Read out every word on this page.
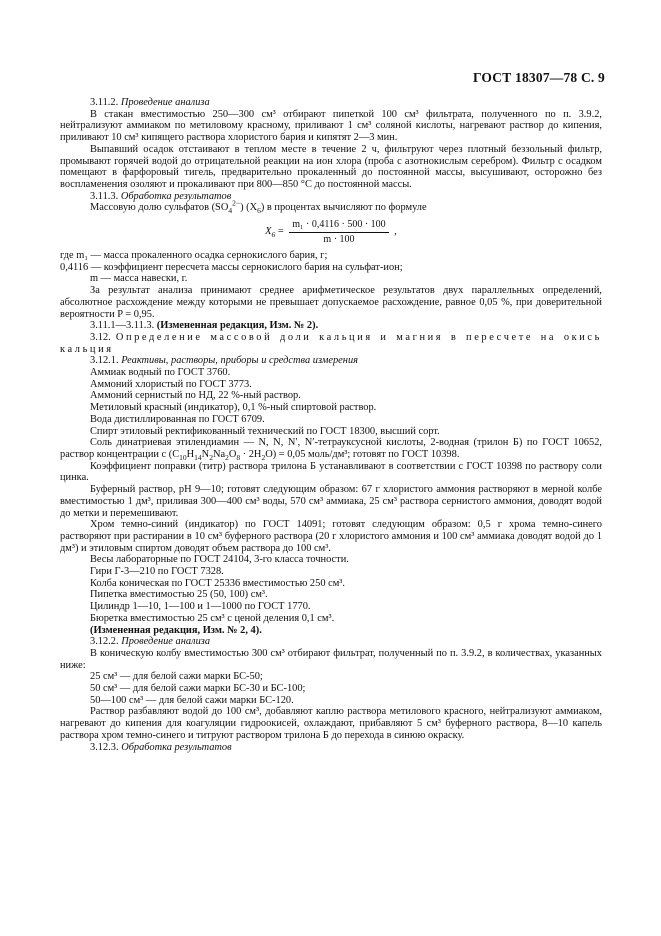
ГОСТ 18307—78 С. 9

3.11.2. Проведение анализа

В стакан вместимостью 250—300 см³ отбирают пипеткой 100 см³ фильтрата, полученного по п. 3.9.2, нейтрализуют аммиаком по метиловому красному, приливают 1 см³ соляной кислоты, нагревают раствор до кипения, приливают 10 см³ кипящего раствора хлористого бария и кипятят 2—3 мин.

Выпавший осадок отстаивают в теплом месте в течение 2 ч, фильтруют через плотный беззольный фильтр, промывают горячей водой до отрицательной реакции на ион хлора (проба с азотнокислым серебром). Фильтр с осадком помещают в фарфоровый тигель, предварительно прокаленный до постоянной массы, высушивают, осторожно без воспламенения озоляют и прокаливают при 800—850 °С до постоянной массы.

3.11.3. Обработка результатов

Массовую долю сульфатов $(SO_4^{2-})$ $(X_6)$ в процентах вычисляют по формуле

$X_6 = \frac{\text{m₁ · 0,4116 · 500 · 100}}{m \cdot 100}$ ,

где m₁ — масса прокаленного осадка сернокислого бария, г;

0,4116 — коэффициент пересчета массы сернокислого бария на сульфат-ион;

m — масса навески, г.

За результат анализа принимают среднее арифметическое результатов двух параллельных определений, абсолютное расхождение между которыми не превышает допускаемое расхождение, равное 0,05 %, при доверительной вероятности P = 0,95.

3.11.1—3.11.3. (Измененная редакция, Изм. № 2).

3.12. Определение массовой доли кальция и магния в пересчете на окись кальция

3.12.1. Реактивы, растворы, приборы и средства измерения

Аммиак водный по ГОСТ 3760.

Аммоний хлористый по ГОСТ 3773.

Аммоний сернистый по НД, 22 %-ный раствор.

Метиловый красный (индикатор), 0,1 %-ный спиртовой раствор.

Вода дистиллированная по ГОСТ 6709.

Спирт этиловый ректификованный технический по ГОСТ 18300, высший сорт.

Соль динатриевая этилендиамин — N, N, N′, N′-тетрауксусной кислоты, 2-водная (трилон Б) по ГОСТ 10652, раствор концентрации c $(C_{10}H_{14}N_2Na_2O_8 \cdot 2H_2O) = 0,05$ моль/дм³; готовят по ГОСТ 10398.

Коэффициент поправки (титр) раствора трилона Б устанавливают в соответствии с ГОСТ 10398 по раствору соли цинка.

Буферный раствор, pH 9—10; готовят следующим образом: 67 г хлористого аммония растворяют в мерной колбе вместимостью 1 дм³, приливая 300—400 см³ воды, 570 см³ аммиака, 25 см³ раствора сернистого аммония, доводят водой до метки и перемешивают.

Хром темно-синий (индикатор) по ГОСТ 14091; готовят следующим образом: 0,5 г хрома темно-синего растворяют при растирании в 10 см³ буферного раствора (20 г хлористого аммония и 100 см³ аммиака доводят водой до 1 дм³) и этиловым спиртом доводят объем раствора до 100 см³.

Весы лабораторные по ГОСТ 24104, 3-го класса точности.

Гири Г-3—210 по ГОСТ 7328.

Колба коническая по ГОСТ 25336 вместимостью 250 см³.

Пипетка вместимостью 25 (50, 100) см³.

Цилиндр 1—10, 1—100 и 1—1000 по ГОСТ 1770.

Бюретка вместимостью 25 см³ с ценой деления 0,1 см³.

(Измененная редакция, Изм. № 2, 4).

3.12.2. Проведение анализа

В коническую колбу вместимостью 300 см³ отбирают фильтрат, полученный по п. 3.9.2, в количествах, указанных ниже:

25 см³ — для белой сажи марки БС-50;

50 см³ — для белой сажи марки БС-30 и БС-100;

50—100 см³ — для белой сажи марки БС-120.

Раствор разбавляют водой до 100 см³, добавляют каплю раствора метилового красного, нейтрализуют аммиаком, нагревают до кипения для коагуляции гидроокисей, охлаждают, прибавляют 5 см³ буферного раствора, 8—10 капель раствора хром темно-синего и титруют раствором трилона Б до перехода в синюю окраску.

3.12.3. Обработка результатов
